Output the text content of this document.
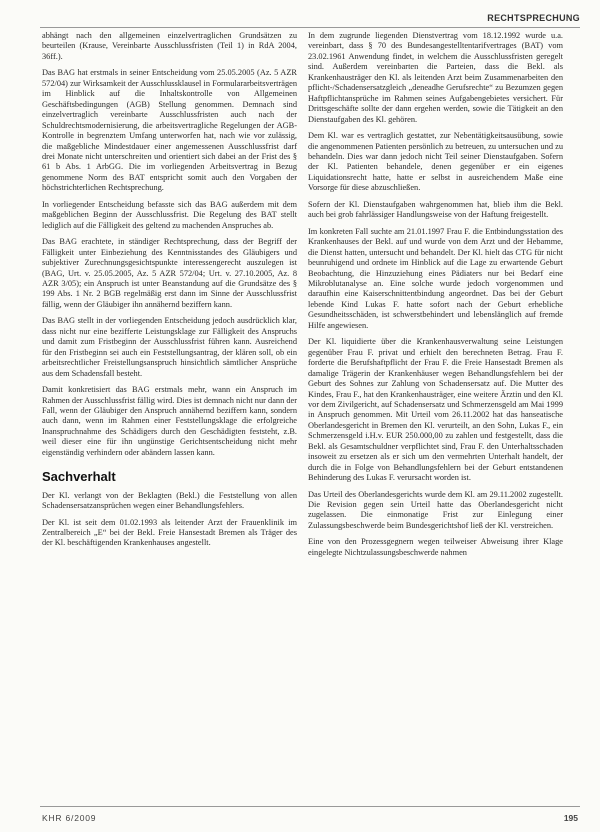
RECHTSPRECHUNG

abhängt nach den allgemeinen einzelvertraglichen Grundsätzen zu beurteilen (Krause, Vereinbarte Ausschlussfristen (Teil 1) in RdA 2004, 36ff.).

Das BAG hat erstmals in seiner Entscheidung vom 25.05.2005 (Az. 5 AZR 572/04) zur Wirksamkeit der Ausschlussklausel in Formulararbeitsverträgen im Hinblick auf die Inhaltskontrolle von Allgemeinen Geschäftsbedingungen (AGB) Stellung genommen. Demnach sind einzelvertraglich vereinbarte Ausschlussfristen auch nach der Schuldrechtsmodernisierung, die arbeitsvertragliche Regelungen der AGB-Kontrolle in begrenztem Umfang unterworfen hat, nach wie vor zulässig, die maßgebliche Mindestdauer einer angemessenen Ausschlussfrist darf drei Monate nicht unterschreiten und orientiert sich dabei an der Frist des § 61 b Abs. 1 ArbGG. Die im vorliegenden Arbeitsvertrag in Bezug genommene Norm des BAT entspricht somit auch den Vorgaben der höchstrichterlichen Rechtsprechung.

In vorliegender Entscheidung befasste sich das BAG außerdem mit dem maßgeblichen Beginn der Ausschlussfrist. Die Regelung des BAT stellt lediglich auf die Fälligkeit des geltend zu machenden Anspruches ab.

Das BAG erachtete, in ständiger Rechtsprechung, dass der Begriff der Fälligkeit unter Einbeziehung des Kenntnisstandes des Gläubigers und subjektiver Zurechnungsgesichtspunkte interessengerecht auszulegen ist (BAG, Urt. v. 25.05.2005, Az. 5 AZR 572/04; Urt. v. 27.10.2005, Az. 8 AZR 3/05); ein Anspruch ist unter Beanstandung auf die Grundsätze des § 199 Abs. 1 Nr. 2 BGB regelmäßig erst dann im Sinne der Ausschlussfrist fällig, wenn der Gläubiger ihn annähernd beziffern kann.

Das BAG stellt in der vorliegenden Entscheidung jedoch ausdrücklich klar, dass nicht nur eine bezifferte Leistungsklage zur Fälligkeit des Anspruchs und damit zum Fristbeginn der Ausschlussfrist führen kann. Ausreichend für den Fristbeginn sei auch ein Feststellungsantrag, der klären soll, ob ein arbeitsrechtlicher Freistellungsanspruch hinsichtlich sämtlicher Ansprüche aus dem Schadensfall besteht.

Damit konkretisiert das BAG erstmals mehr, wann ein Anspruch im Rahmen der Ausschlussfrist fällig wird. Dies ist demnach nicht nur dann der Fall, wenn der Gläubiger den Anspruch annähernd beziffern kann, sondern auch dann, wenn im Rahmen einer Feststellungsklage die erfolgreiche Inanspruchnahme des Schädigers durch den Geschädigten feststeht, z.B. weil dieser eine für ihn ungünstige Gerichtsentscheidung nicht mehr eigenständig verhindern oder abändern lassen kann.

Sachverhalt

Der Kl. verlangt von der Beklagten (Bekl.) die Feststellung von allen Schadensersatzansprüchen wegen einer Behandlungsfehlers.

Der Kl. ist seit dem 01.02.1993 als leitender Arzt der Frauenklinik im Zentralbereich „E“ bei der Bekl. Freie Hansestadt Bremen als Träger des der Kl. beschäftigenden Krankenhauses angestellt.

In dem zugrunde liegenden Dienstvertrag vom 18.12.1992 wurde u.a. vereinbart, dass § 70 des Bundesangestelltentarifvertrages (BAT) vom 23.02.1961 Anwendung findet, in welchem die Ausschlussfristen geregelt sind. Außerdem vereinbarten die Parteien, dass die Bekl. als Krankenhausträger den Kl. als leitenden Arzt beim Zusammenarbeiten den pflicht-/Schadensersatzgleich „deneadhe Gerufsrechte“ zu Bezumzen gegen Haftpflichtansprüche im Rahmen seines Aufgabengebietes versichert. Für Drittsgeschäfte sollte der dann ergehen werden, sowie die Tätigkeit an den Dienstaufgaben des Kl. gehören.

Dem Kl. war es vertraglich gestattet, zur Nebentätigkeitsausübung, sowie die angenommenen Patienten persönlich zu betreuen, zu untersuchen und zu behandeln. Dies war dann jedoch nicht Teil seiner Dienstaufgaben. Sofern der Kl. Patienten behandele, denen gegenüber er ein eigenes Liquidationsrecht hatte, hatte er selbst in ausreichendem Maße eine Vorsorge für diese abzuschließen.

Sofern der Kl. Dienstaufgaben wahrgenommen hat, blieb ihm die Bekl. auch bei grob fahrlässiger Handlungsweise von der Haftung freigestellt.

Im konkreten Fall suchte am 21.01.1997 Frau F. die Entbindungsstation des Krankenhauses der Bekl. auf und wurde von dem Arzt und der Hebamme, die Dienst hatten, untersucht und behandelt. Der Kl. hielt das CTG für nicht beunruhigend und ordnete im Hinblick auf die Lage zu erwartende Geburt Beobachtung, die Hinzuziehung eines Pädiaters nur bei Bedarf eine Mikroblutanalyse an. Eine solche wurde jedoch vorgenommen und daraufhin eine Kaiserschnittentbindung angeordnet. Das bei der Geburt lebende Kind Lukas F. hatte sofort nach der Geburt erhebliche Gesundheitsschäden, ist schwerstbehindert und lebenslänglich auf fremde Hilfe angewiesen.

Der Kl. liquidierte über die Krankenhausverwaltung seine Leistungen gegenüber Frau F. privat und erhielt den berechneten Betrag. Frau F. forderte die Berufshaftpflicht der Frau F. die Freie Hansestadt Bremen als damalige Trägerin der Krankenhäuser wegen Behandlungsfehlern bei der Geburt des Sohnes zur Zahlung von Schadensersatz auf. Die Mutter des Kindes, Frau F., hat den Krankenhausträger, eine weitere Ärztin und den Kl. vor dem Zivilgericht, auf Schadensersatz und Schmerzensgeld am Mai 1999 in Anspruch genommen. Mit Urteil vom 26.11.2002 hat das hanseatische Oberlandesgericht in Bremen den Kl. verurteilt, an den Sohn, Lukas F., ein Schmerzensgeld i.H.v. EUR 250.000,00 zu zahlen und festgestellt, dass die Bekl. als Gesamtschuldner verpflichtet sind, Frau F. den Unterhaltsschaden insoweit zu ersetzen als er sich um den vermehrten Unterhalt handelt, der durch die in Folge von Behandlungsfehlern bei der Geburt entstandenen Behinderung des Lukas F. verursacht worden ist.

Das Urteil des Oberlandesgerichts wurde dem Kl. am 29.11.2002 zugestellt. Die Revision gegen sein Urteil hatte das Oberlandesgericht nicht zugelassen. Die einmonatige Frist zur Einlegung einer Zulassungsbeschwerde beim Bundesgerichtshof ließ der Kl. verstreichen.

Eine von den Prozessgegnern wegen teilweiser Abweisung ihrer Klage eingelegte Nichtzulassungsbeschwerde nahmen

KHR 6/2009	195
